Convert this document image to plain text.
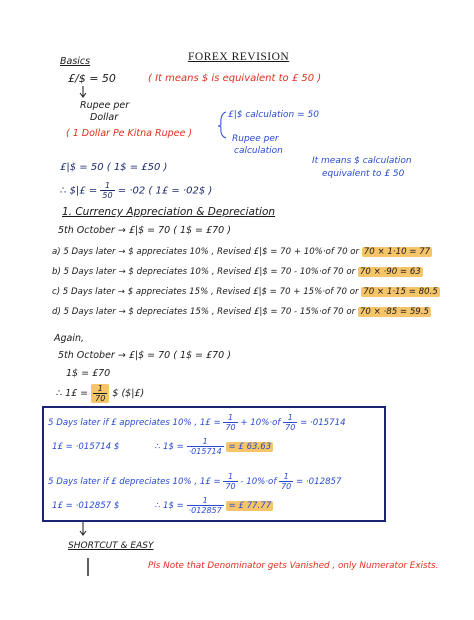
FOREX REVISION
Basics
£/$ = 50	( It means $ is equivalent to £ 50 )
Rupee per
Dollar
( 1 Dollar Pe Kitna Rupee )
£|$ calculation = 50
Rupee per
calculation
It means $ calculation
equivalent to £ 50
£|$ = 50 ( 1$ = £50 )
∴ $|£ = $\frac{1}{50} = \cdot 02$ ( 1£ = ·02$ )
1. Currency Appreciation & Depreciation
5th October → £|$ = 70 ( 1$ = £70 )
a) 5 Days later → $ appreciates 10% , Revised £|$ = 70 + 10%·of 70 or 70 × 1·10 = 77
b) 5 Days later → $ depreciates 10% , Revised £|$ = 70 - 10%·of 70 or 70 × ·90 = 63
c) 5 Days later → $ appreciates 15% , Revised £|$ = 70 + 15%·of 70 or 70 × 1·15 = 80.5
d) 5 Days later → $ depreciates 15% , Revised £|$ = 70 - 15%·of 70 or 70 × ·85 = 59.5
Again,
5th October → £|$ = 70 ( 1$ = £70 )
1$ = £70
∴ 1£ = $\frac{1}{70}$ $ ($|£)
5 Days later if £ appreciates 10% , 1£ = $\frac{1}{70} + 10\%\cdot of \frac{1}{70} = \cdot 015714$
1£ = ·015714 $	∴ 1$ = $\frac{1}{\cdot 015714}$ = £ 63.63
5 Days later if £ depreciates 10% , 1£ = $\frac{1}{70} - 10\%\cdot of \frac{1}{70} = \cdot 012857$
1£ = ·012857 $	∴ 1$ = $\frac{1}{\cdot 012857}$ = £ 77.77
SHORTCUT & EASY
Pls Note that Denominator gets Vanished , only Numerator Exists.
